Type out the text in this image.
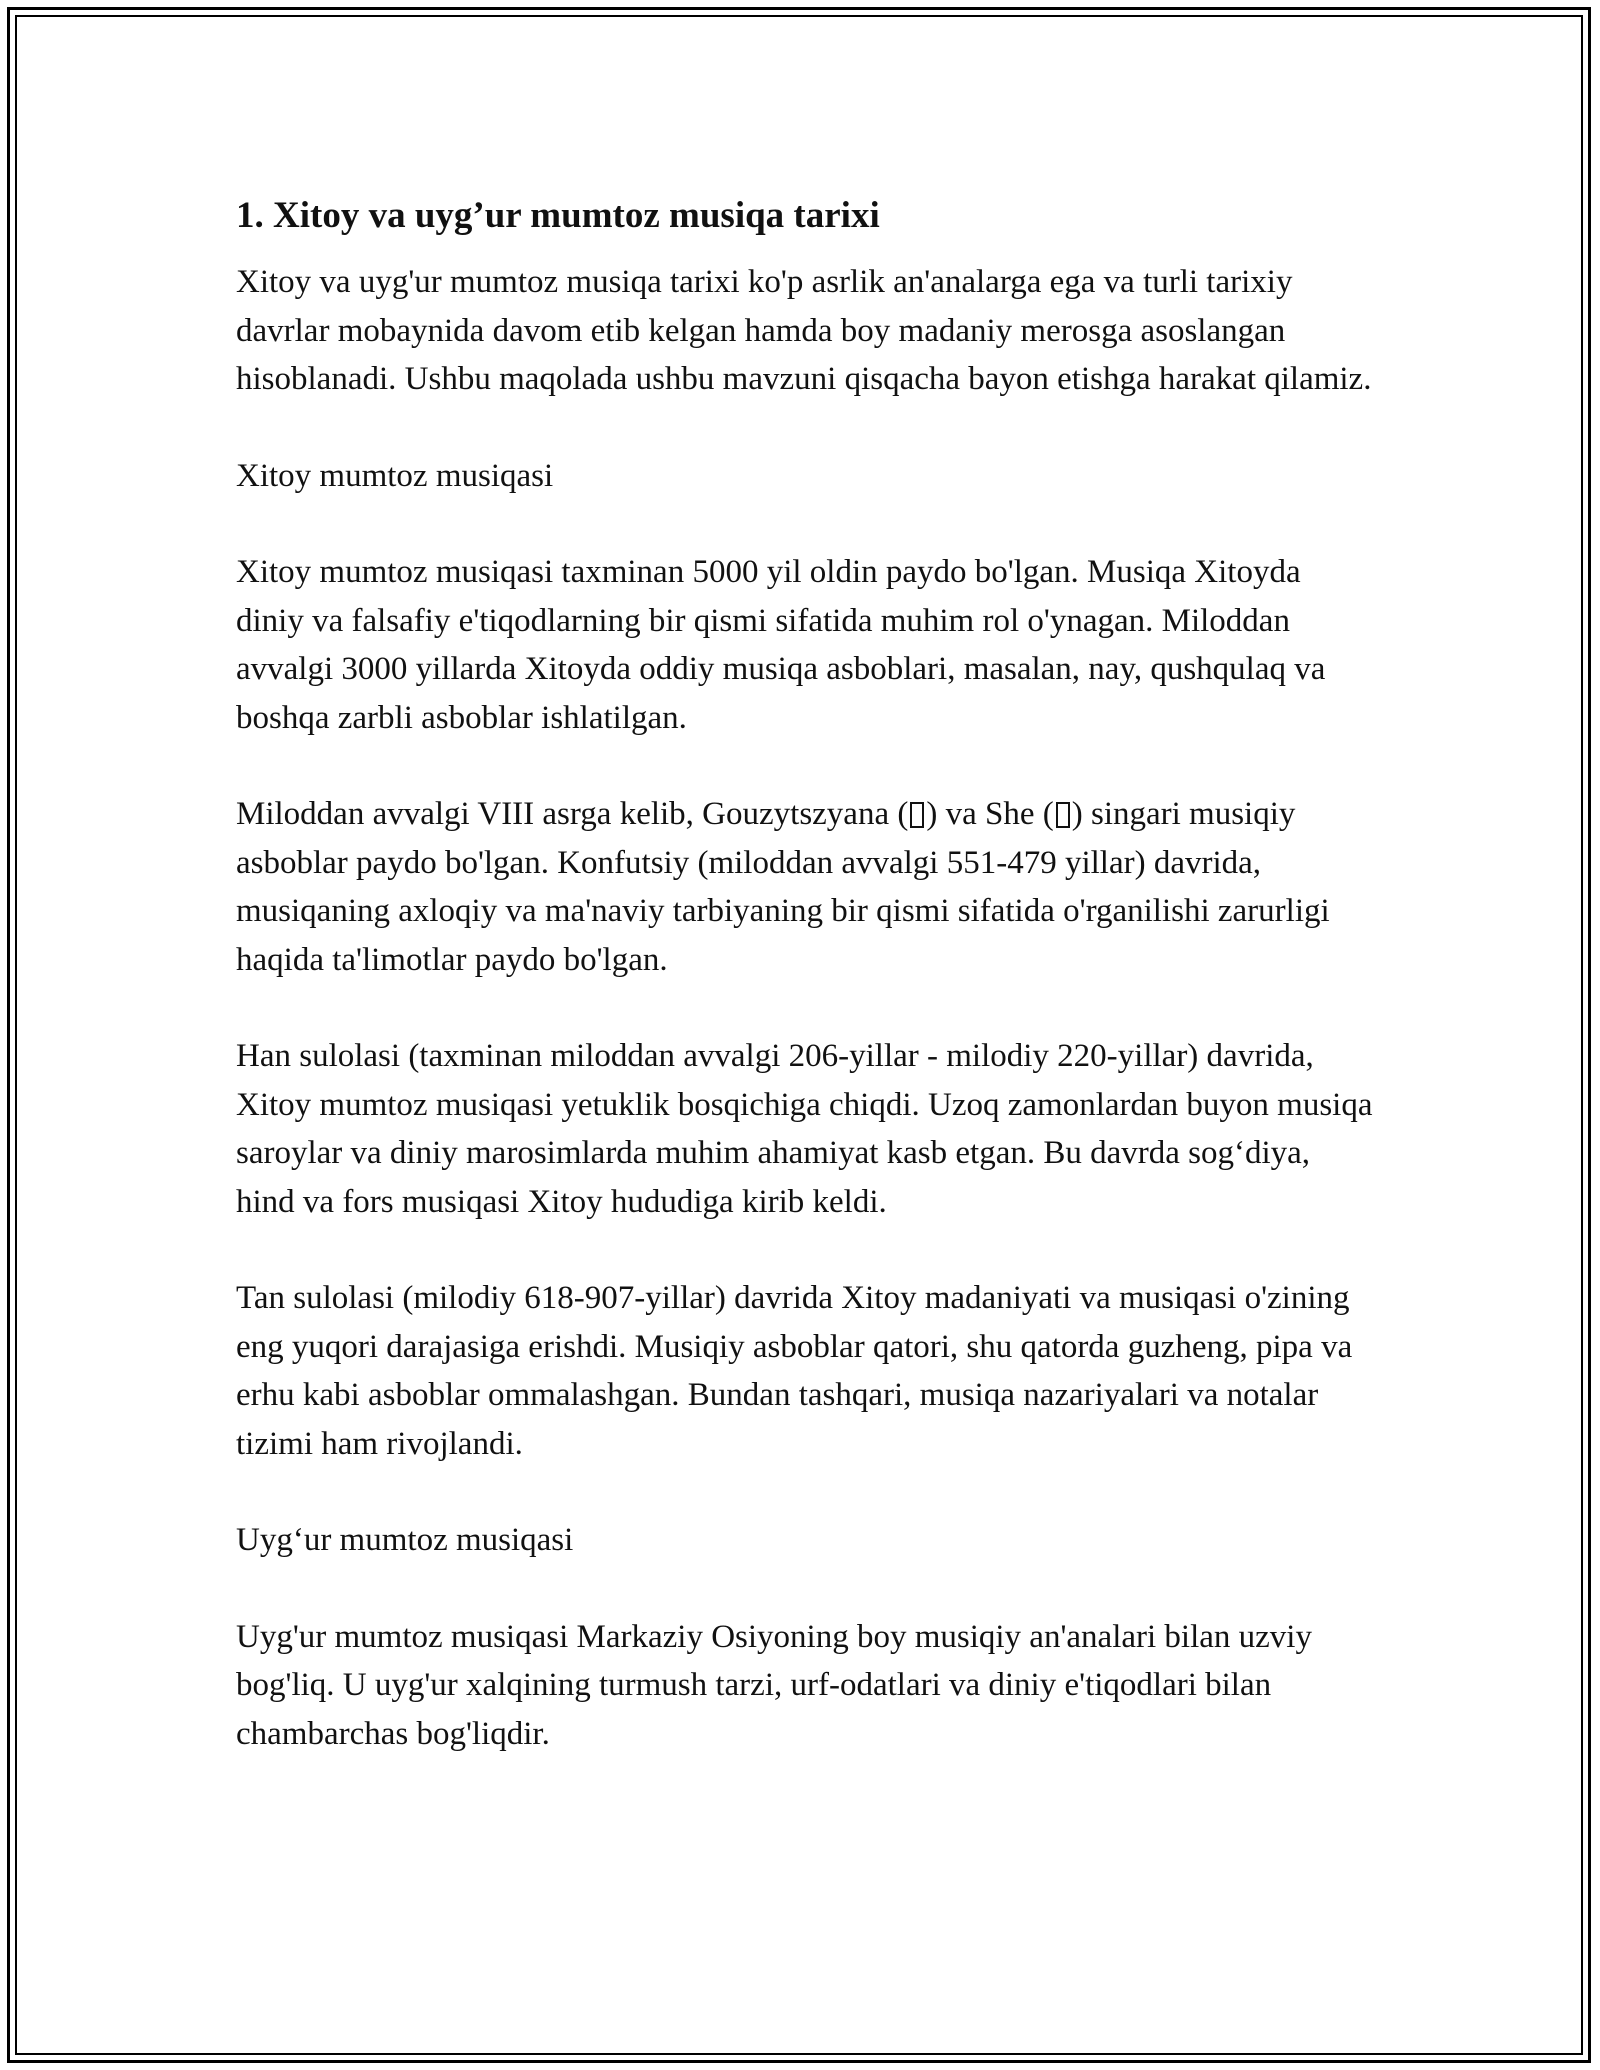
1. Xitoy va uyg’ur mumtoz musiqa tarixi

Xitoy va uyg'ur mumtoz musiqa tarixi ko'p asrlik an'analarga ega va turli tarixiy davrlar mobaynida davom etib kelgan hamda boy madaniy merosga asoslangan hisoblanadi. Ushbu maqolada ushbu mavzuni qisqacha bayon etishga harakat qilamiz.

Xitoy mumtoz musiqasi

Xitoy mumtoz musiqasi taxminan 5000 yil oldin paydo bo'lgan. Musiqa Xitoyda diniy va falsafiy e'tiqodlarning bir qismi sifatida muhim rol o'ynagan. Miloddan avvalgi 3000 yillarda Xitoyda oddiy musiqa asboblari, masalan, nay, qushqulaq va boshqa zarbli asboblar ishlatilgan.

Miloddan avvalgi VIII asrga kelib, Gouzytszyana ( ) va She ( ) singari musiqiy asboblar paydo bo'lgan. Konfutsiy (miloddan avvalgi 551-479 yillar) davrida, musiqaning axloqiy va ma'naviy tarbiyaning bir qismi sifatida o'rganilishi zarurligi haqida ta'limotlar paydo bo'lgan.

Han sulolasi (taxminan miloddan avvalgi 206-yillar - milodiy 220-yillar) davrida, Xitoy mumtoz musiqasi yetuklik bosqichiga chiqdi. Uzoq zamonlardan buyon musiqa saroylar va diniy marosimlarda muhim ahamiyat kasb etgan. Bu davrda sog‘diya, hind va fors musiqasi Xitoy hududiga kirib keldi.

Tan sulolasi (milodiy 618-907-yillar) davrida Xitoy madaniyati va musiqasi o'zining eng yuqori darajasiga erishdi. Musiqiy asboblar qatori, shu qatorda guzheng, pipa va erhu kabi asboblar ommalashgan. Bundan tashqari, musiqa nazariyalari va notalar tizimi ham rivojlandi.

Uyg‘ur mumtoz musiqasi

Uyg'ur mumtoz musiqasi Markaziy Osiyoning boy musiqiy an'analari bilan uzviy bog'liq. U uyg'ur xalqining turmush tarzi, urf-odatlari va diniy e'tiqodlari bilan chambarchas bog'liqdir.
